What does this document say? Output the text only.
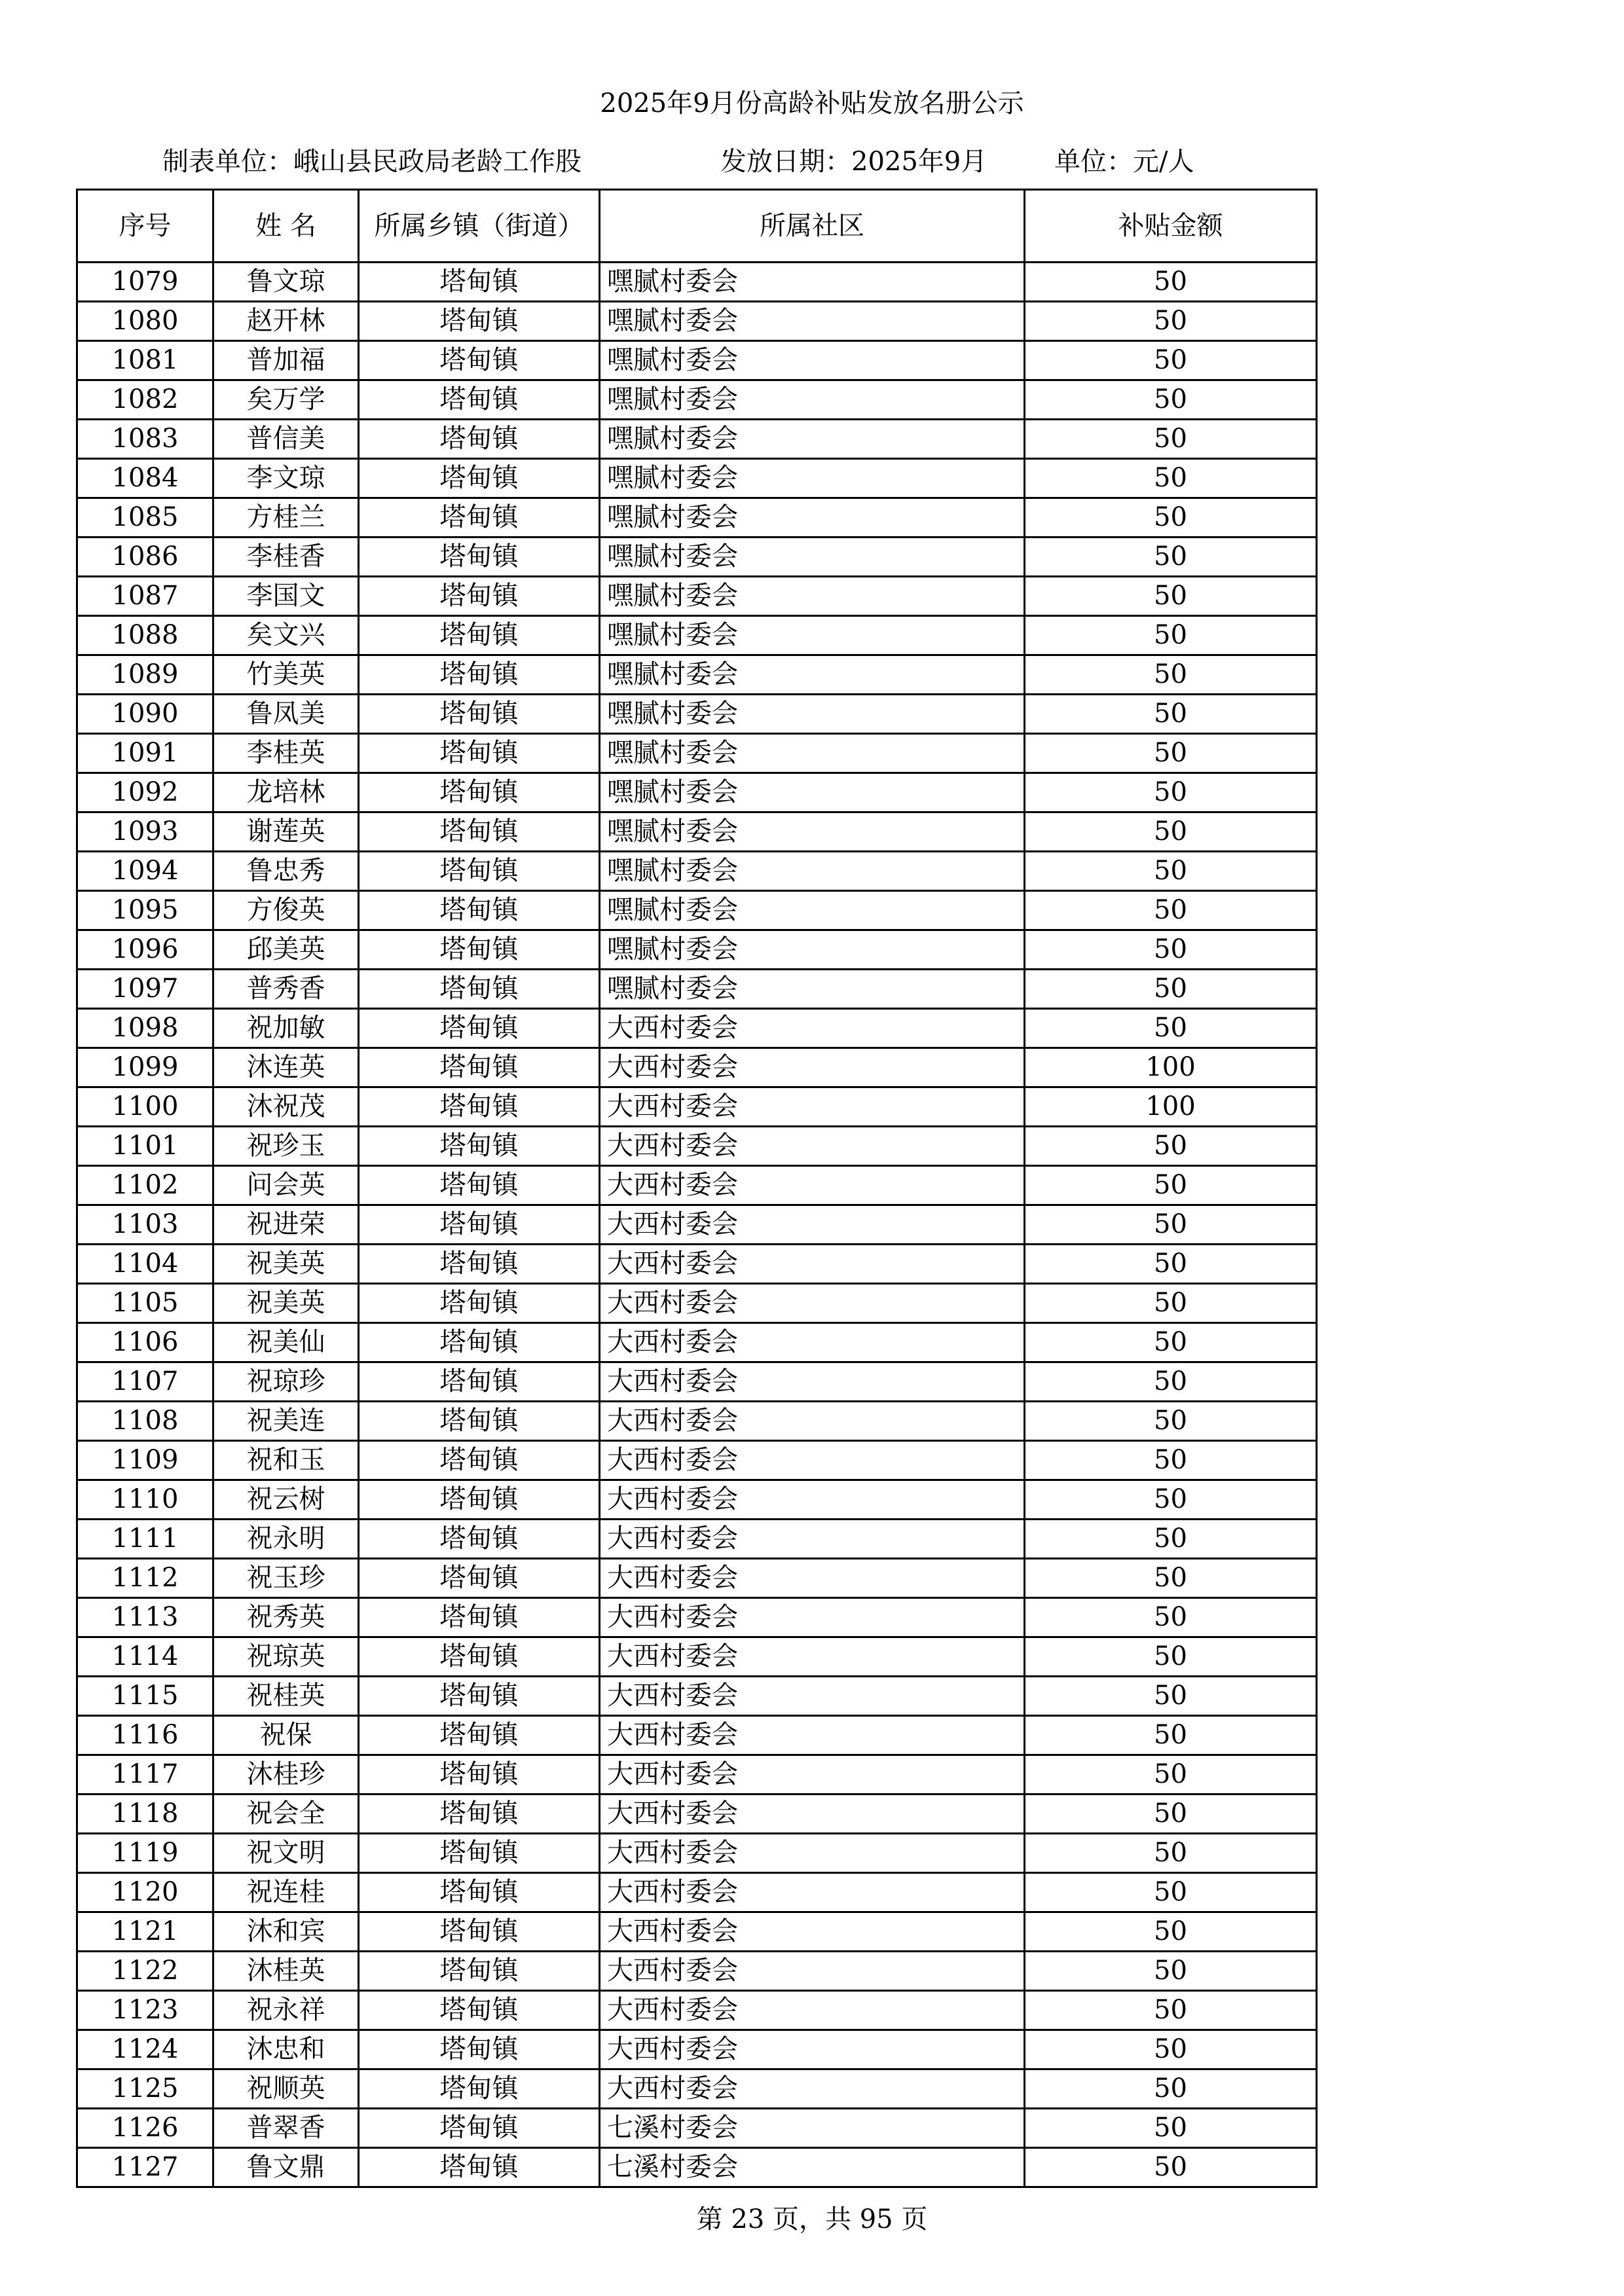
2025年9月份高龄补贴发放名册公示
制表单位：峨山县民政局老龄工作股	发放日期：2025年9月	单位：元/人
序号	姓 名	所属乡镇（街道）	所属社区	补贴金额
1079	鲁文琼	塔甸镇	嘿腻村委会	50
1080	赵开林	塔甸镇	嘿腻村委会	50
1081	普加福	塔甸镇	嘿腻村委会	50
1082	矣万学	塔甸镇	嘿腻村委会	50
1083	普信美	塔甸镇	嘿腻村委会	50
1084	李文琼	塔甸镇	嘿腻村委会	50
1085	方桂兰	塔甸镇	嘿腻村委会	50
1086	李桂香	塔甸镇	嘿腻村委会	50
1087	李国文	塔甸镇	嘿腻村委会	50
1088	矣文兴	塔甸镇	嘿腻村委会	50
1089	竹美英	塔甸镇	嘿腻村委会	50
1090	鲁凤美	塔甸镇	嘿腻村委会	50
1091	李桂英	塔甸镇	嘿腻村委会	50
1092	龙培林	塔甸镇	嘿腻村委会	50
1093	谢莲英	塔甸镇	嘿腻村委会	50
1094	鲁忠秀	塔甸镇	嘿腻村委会	50
1095	方俊英	塔甸镇	嘿腻村委会	50
1096	邱美英	塔甸镇	嘿腻村委会	50
1097	普秀香	塔甸镇	嘿腻村委会	50
1098	祝加敏	塔甸镇	大西村委会	50
1099	沐连英	塔甸镇	大西村委会	100
1100	沐祝茂	塔甸镇	大西村委会	100
1101	祝珍玉	塔甸镇	大西村委会	50
1102	问会英	塔甸镇	大西村委会	50
1103	祝进荣	塔甸镇	大西村委会	50
1104	祝美英	塔甸镇	大西村委会	50
1105	祝美英	塔甸镇	大西村委会	50
1106	祝美仙	塔甸镇	大西村委会	50
1107	祝琼珍	塔甸镇	大西村委会	50
1108	祝美连	塔甸镇	大西村委会	50
1109	祝和玉	塔甸镇	大西村委会	50
1110	祝云树	塔甸镇	大西村委会	50
1111	祝永明	塔甸镇	大西村委会	50
1112	祝玉珍	塔甸镇	大西村委会	50
1113	祝秀英	塔甸镇	大西村委会	50
1114	祝琼英	塔甸镇	大西村委会	50
1115	祝桂英	塔甸镇	大西村委会	50
1116	祝保	塔甸镇	大西村委会	50
1117	沐桂珍	塔甸镇	大西村委会	50
1118	祝会全	塔甸镇	大西村委会	50
1119	祝文明	塔甸镇	大西村委会	50
1120	祝连桂	塔甸镇	大西村委会	50
1121	沐和宾	塔甸镇	大西村委会	50
1122	沐桂英	塔甸镇	大西村委会	50
1123	祝永祥	塔甸镇	大西村委会	50
1124	沐忠和	塔甸镇	大西村委会	50
1125	祝顺英	塔甸镇	大西村委会	50
1126	普翠香	塔甸镇	七溪村委会	50
1127	鲁文鼎	塔甸镇	七溪村委会	50
第 23 页，共 95 页
